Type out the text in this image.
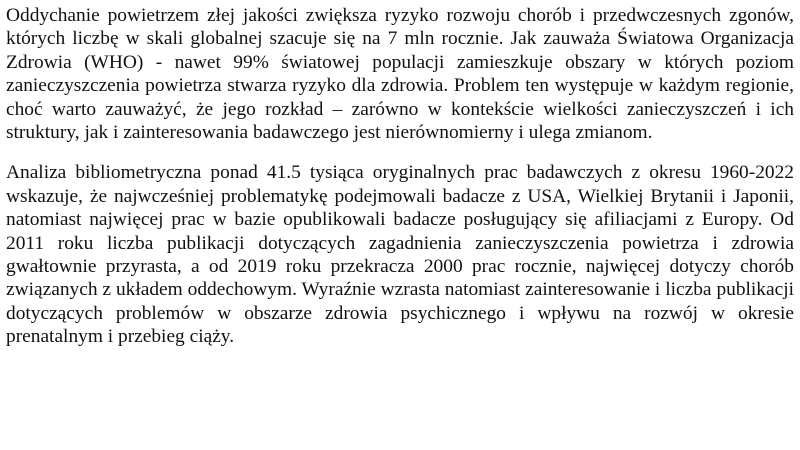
Oddychanie powietrzem złej jakości zwiększa ryzyko rozwoju chorób i przedwczesnych zgonów, których liczbę w skali globalnej szacuje się na 7 mln rocznie. Jak zauważa Światowa Organizacja Zdrowia (WHO) - nawet 99% światowej populacji zamieszkuje obszary w których poziom zanieczyszczenia powietrza stwarza ryzyko dla zdrowia. Problem ten występuje w każdym regionie, choć warto zauważyć, że jego rozkład – zarówno w kontekście wielkości zanieczyszczeń i ich struktury, jak i zainteresowania badawczego jest nierównomierny i ulega zmianom.

Analiza bibliometryczna ponad 41.5 tysiąca oryginalnych prac badawczych z okresu 1960-2022 wskazuje, że najwcześniej problematykę podejmowali badacze z USA, Wielkiej Brytanii i Japonii, natomiast najwięcej prac w bazie opublikowali badacze posługujący się afiliacjami z Europy. Od 2011 roku liczba publikacji dotyczących zagadnienia zanieczyszczenia powietrza i zdrowia gwałtownie przyrasta, a od 2019 roku przekracza 2000 prac rocznie, najwięcej dotyczy chorób związanych z układem oddechowym. Wyraźnie wzrasta natomiast zainteresowanie i liczba publikacji dotyczących problemów w obszarze zdrowia psychicznego i wpływu na rozwój w okresie prenatalnym i przebieg ciąży.
